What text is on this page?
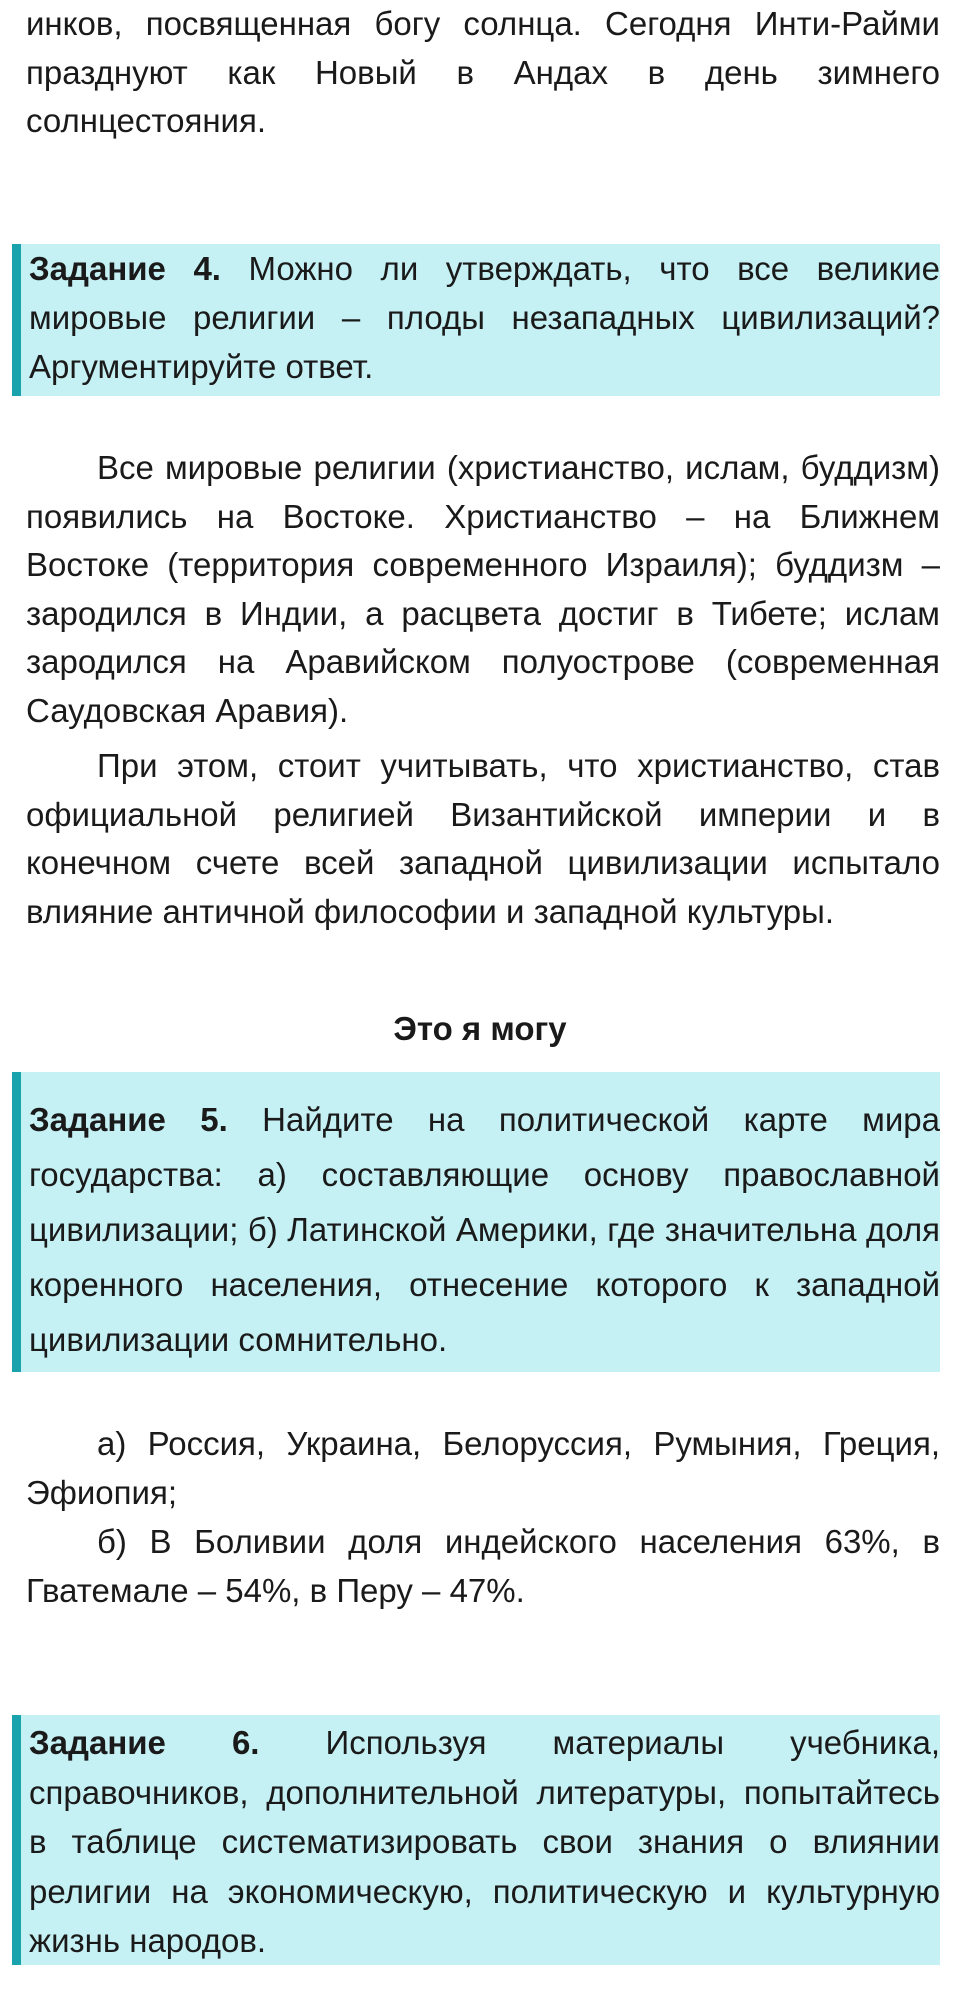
инков, посвященная богу солнца. Сегодня Инти-Райми празднуют как Новый в Андах в день зимнего солнцестояния.
Задание 4. Можно ли утверждать, что все великие мировые религии – плоды незападных цивилизаций? Аргументируйте ответ.
Все мировые религии (христианство, ислам, буддизм) появились на Востоке. Христианство – на Ближнем Востоке (территория современного Израиля); буддизм – зародился в Индии, а расцвета достиг в Тибете; ислам зародился на Аравийском полуострове (современная Саудовская Аравия).
При этом, стоит учитывать, что христианство, став официальной религией Византийской империи и в конечном счете всей западной цивилизации испытало влияние античной философии и западной культуры.
Это я могу
Задание 5. Найдите на политической карте мира государства: а) составляющие основу православной цивилизации; б) Латинской Америки, где значительна доля коренного населения, отнесение которого к западной цивилизации сомнительно.
а) Россия, Украина, Белоруссия, Румыния, Греция, Эфиопия;
б) В Боливии доля индейского населения 63%, в Гватемале – 54%, в Перу – 47%.
Задание 6. Используя материалы учебника, справочников, дополнительной литературы, попытайтесь в таблице систематизировать свои знания о влиянии религии на экономическую, политическую и культурную жизнь народов.
